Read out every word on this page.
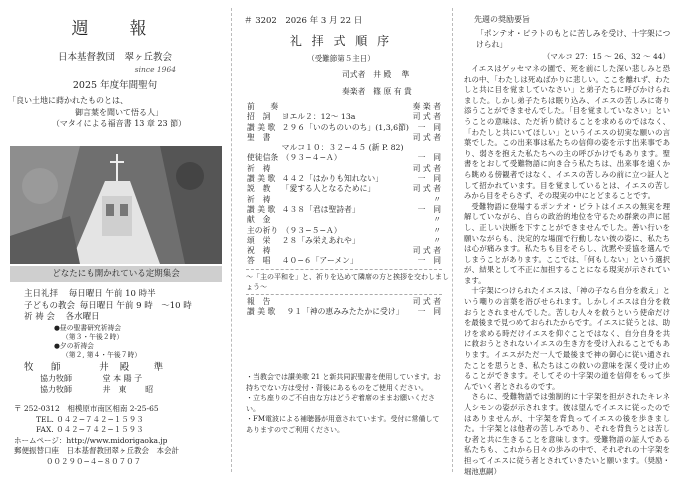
週　報
日本基督教団　翠ヶ丘教会
since 1964
2025 年度年間聖句
「良い土地に蒔かれたものとは、
御言葉を聞いて悟る人」
（マタイによる福音書 13 章 23 節）
どなたにも開かれている定期集会
主日礼拝 毎日曜日 午前 10 時半
子どもの教会 毎日曜日 午前 9 時　〜10 時
祈 祷 会 各水曜日
●昼の聖書研究祈祷会
（第３・午後２時）
●夕の祈祷会
（第２, 第４・午後７時）
牧　師	井 殿 　準
協力牧師	堂 本 陽 子
協力牧師	井　東 　　昭
〒 252-0312　相模原市南区相南 2-25-65
TEL. ０４２−７４２−１５９３
FAX. ０４２−７４２−１５９３
ホームページ：http://www.midorigaoka.jp
郵便振替口座　日本基督教団翠ヶ丘教会　本会計
００２９０−４−８０７０７
＃ 3202　2026 年 3 月 22 日
礼 拝 式 順 序
（受難節第５主日）
司式者　井 殿 　準
奏楽者　篠 原 有 貴
前　　奏		奏 楽 者
招　詞	ヨエル２：12〜 13a	司 式 者
讃 美 歌	２９６「いのちのいのち」(1,3,6節)	一　同
聖　書		司 式 者
	マルコ１０：３２−４５ (新 P. 82)	
使徒信条	（９３−４−Ａ）	一　同
祈　祷		司 式 者
讃 美 歌	４４２「はかりも知れない」	一　同
説　教	「愛する人となるために」	司 式 者
祈　祷		〃
讃 美 歌	４３８「君は聖詩者」	一　同
献　金		〃
主の祈り	（９３−５−Ａ）	〃
頌　栄	２８「み栄えあれや」	〃
祝　祷		司 式 者
答　唱	４０−６「アーメン」	一　同
〜「主の平和を」と、祈りを込めて隣席の方と挨拶を交わしましょう〜
報　告		司 式 者
讃 美 歌	９１「神の恵みみたたかに受け」	一　同
・当教会では讃美歌 21 と新共同訳聖書を使用しています。お持ちでない方は受付・背後にあるものをご使用ください。
・立ち座りのご不自由な方はどうぞ着席のままお願いください。
・FM電波による補聴器が用意されています。受付に常備してありますのでご利用ください。
先週の奨励要旨
「ポンテオ・ピラトのもとに苦しみを受け、十字架につけられ」
（マルコ 27：15 〜 26、32 〜 44）

イエスはゲッセマネの園で、死を前にした深い悲しみと恐れの中、「わたしは死ぬばかりに悲しい。ここを離れず、わたしと共に目を覚ましていなさい」と弟子たちに呼びかけられました。しかし弟子たちは眠り込み、イエスの苦しみに寄り添うことができませんでした。「目を覚ましていなさい」ということの意味は、ただ祈り続けることを求めるのではなく、「わたしと共にいてほしい」というイエスの切実な願いの言葉でした。この出来事は私たちの信仰の姿を示す出来事であり、弱さを抱えた私たちへの主の呼びかけでもあります。聖書をとおして受難物語に向き合う私たちは、出来事を遠くから眺める傍観者ではなく、イエスの苦しみの前に立つ証人として招かれています。目を覚ましているとは、イエスの苦しみから目をそらさず、その現実の中にとどまることです。

受難物語に登場するポンテオ・ピラトはイエスの無実を理解していながら、自らの政治的地位を守るため群衆の声に屈し、正しい決断を下すことができませんでした。善い行いを願いながらも、決定的な場面で行動しない彼の姿に、私たちは心が痛みます。私たちも目をそらし、沈黙や妥協を選んでしまうことがあります。ここでは、「何もしない」という選択が、結果として不正に加担することになる現実が示されています。

十字架につけられたイエスは、「神の子なら自分を救え」という嘲りの言葉を浴びせられます。しかしイエスは自分を救おうとされませんでした。苦しむ人々を救うという使命だけを最後まで見つめておられたからです。イエスに従うとは、助けを求める時だけイエスを仰ぐことではなく、自分自身を共に救おうとされないイエスの生き方を受け入れることでもあります。イエスがただ一人で最後まで神の御心に従い通されたことを思うとき、私たちはこの救いの意味を深く受け止めることができます。そしてその十字架の道を信仰をもって歩んでいく者とされるのです。

さらに、受難物語では強制的に十字架を担がされたキレネ人シモンの姿が示されます。彼は望んでイエスに従ったのではありませんが、十字架を背負ってイエスの後を歩きました。十字架とは他者の苦しみであり、それを背負うとは苦しむ者と共に生きることを意味します。受難物語の証人である私たちも、これから日々の歩みの中で、それぞれの十字架を担ってイエスに従う者とされていきたいと願います。（奨励・堀池恵嗣）
